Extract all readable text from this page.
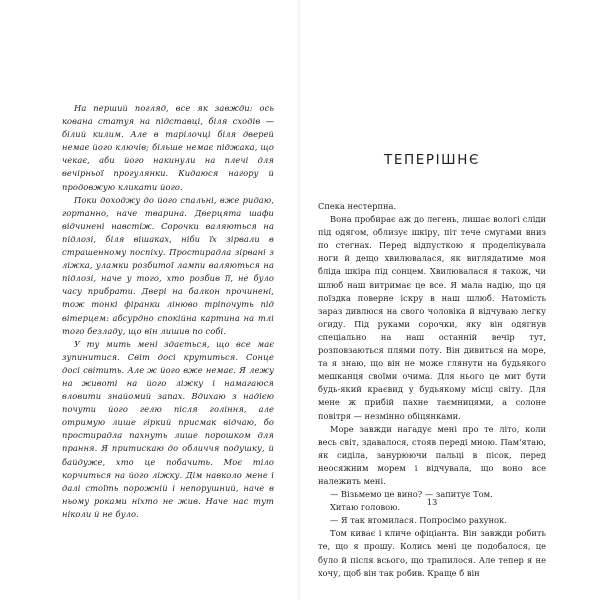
На перший погляд, все як завжди: ось кована статуя на підставці, біля сходів — білий килим. Але в тарілочці біля дверей немає його ключів; більше немає піджака, що чекає, аби його накинули на плечі для вечірньої прогулянки. Кидаюся нагору й продовжую кликати його.

Поки доходжу до його спальні, вже ридаю, гортанно, наче тварина. Дверцята шафи відчинені навстіж. Сорочки валяються на підлозі, біля вішаках, ніби їх зірвали в страшенному поспіху. Простирадла зірвані з ліжка, уламки розбитої лампи валяються на підлозі, наче у того, хто розбив її, не було часу прибрати. Двері на балкон прочинені, тож тонкі фіранки лінюво тріпочуть під вітерцем: абсурдно спокійна картина на тлі того безладу, що він лишив по собі.

У ту мить мені здається, що все має зупинитися. Світ досі крутиться. Сонце досі світить. Але ж його вже немає. Я лежу на животі на його ліжку і намагаюся вловити знайомий запах. Вдихаю з надією почути його гелю після гоління, але отримую лише гіркий присмак відчаю, бо простирадла пахнуть лише порошком для прання. Я притискаю до обличчя подушку, й байдуже, хто це побачить. Моє тіло корчиться на його ліжку. Дім навколо мене і далі стоїть порожній і непорушний, наче в ньому роками ніхто не жив. Наче нас тут ніколи й не було.

ТЕПЕРІШНЄ

Спека нестерпна.

Вона пробирає аж до легень, лишає вологі сліди під одягом, облизує шкіру, піт тече смугами вниз по стегнах. Перед відпусткою я проделікувала ноги й дещо хвилювалася, як виглядатиме моя бліда шкіра під сонцем. Хвилювалася я також, чи шлюб наш витримає це все. Я мала надію, що ця поїздка поверне іскру в наш шлюб. Натомість зараз дивлюся на свого чоловіка й відчуваю легку огиду. Під руками сорочки, яку він одягнув спеціально на наш останній вечір тут, розповзаються плями поту. Він дивиться на море, та я знаю, що він не може глянути на будьякого мешканця своїми очима. Для нього це мит бути будь-який краєвид у будьякому місці світу. Для мене ж прибій пахне таємницями, а солоне повітря — незмінно обіцянками.

Море завжди нагадує мені про те літо, коли весь світ, здавалося, стояв переді мною. Пам'ятаю, як сиділа, занурюючи пальці в пісок, перед неосяжним морем і відчувала, що воно все належить мені.

— Візьмемо це вино? — запитує Том.

Хитаю головою.

— Я так втомилася. Попросімо рахунок.

Том киває і кличе офіціанта. Він завжди робить те, що я прошу. Колись мені це подобалося, це було й після всього, що трапилося. Але тепер я не хочу, щоб він так робив. Краще б він

13
